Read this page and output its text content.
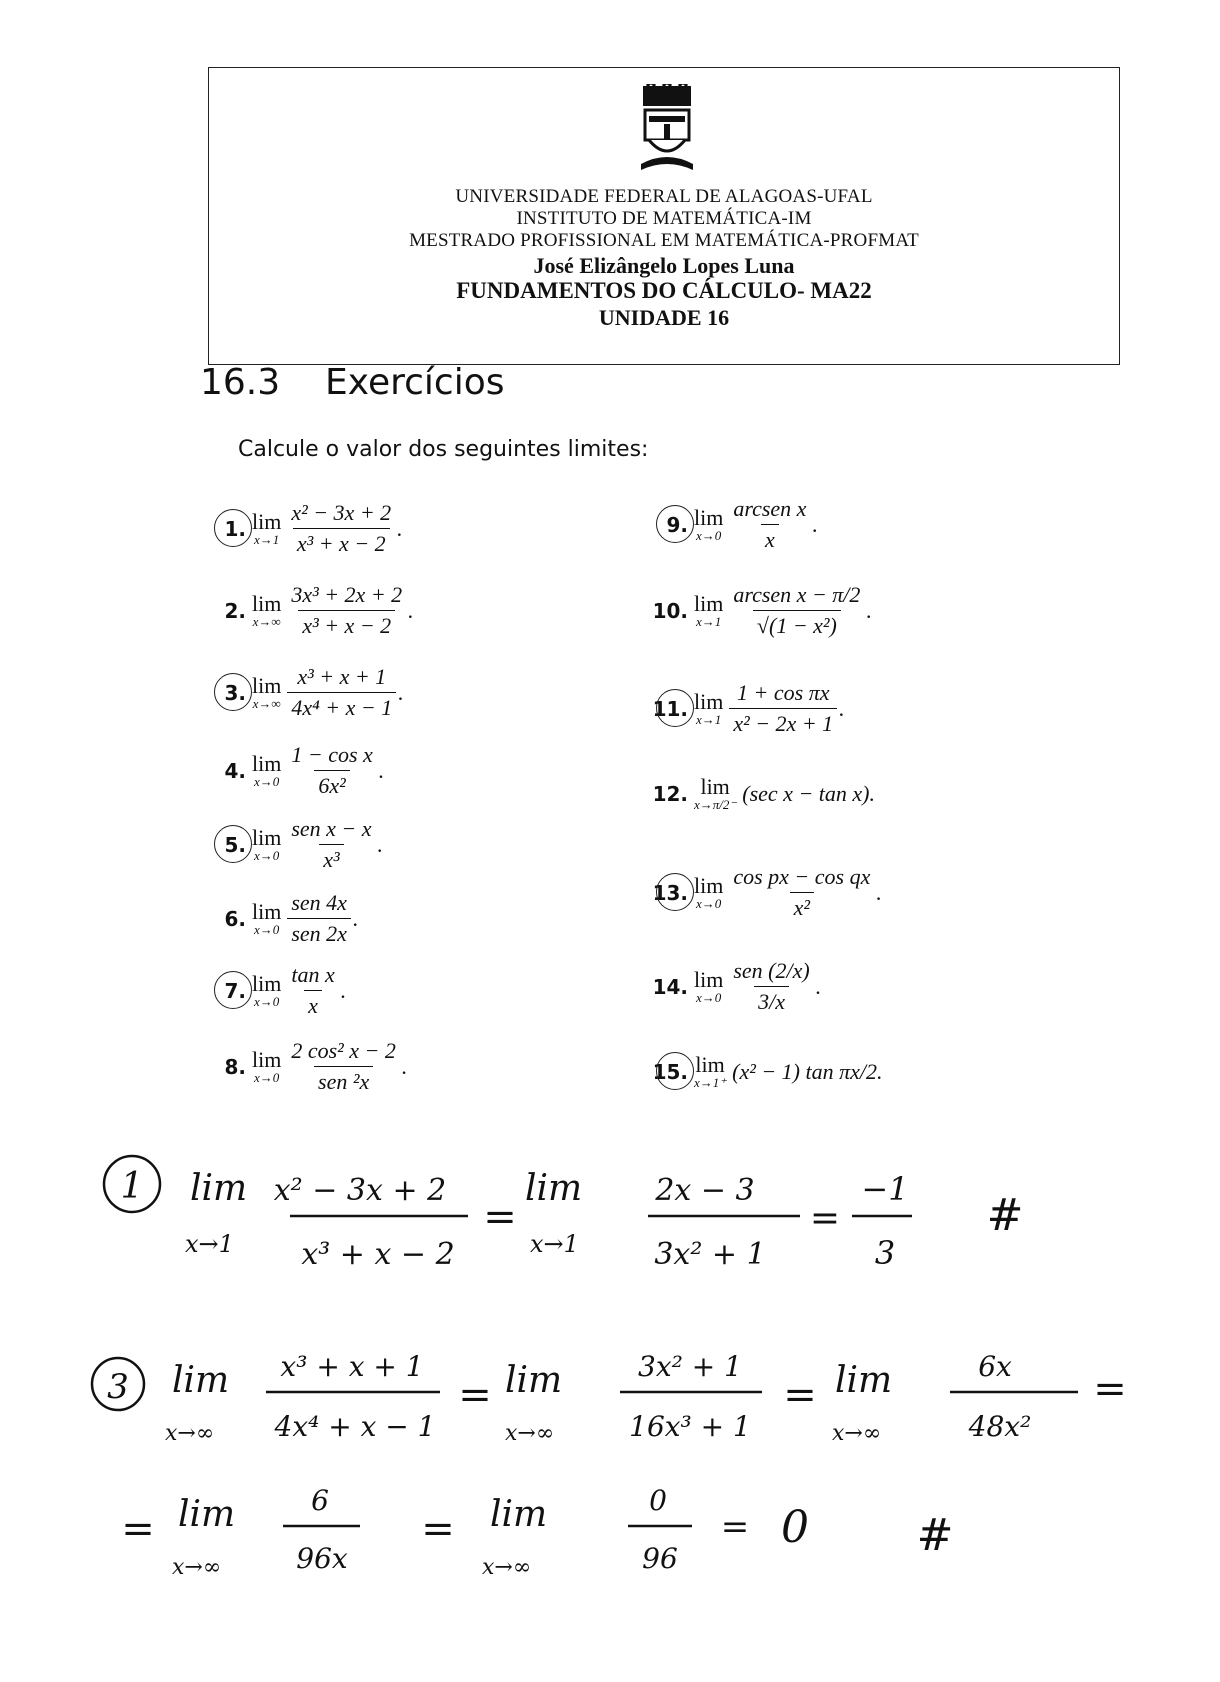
UNIVERSIDADE FEDERAL DE ALAGOAS-UFAL
INSTITUTO DE MATEMÁTICA-IM
MESTRADO PROFISSIONAL EM MATEMÁTICA-PROFMAT
José Elizângelo Lopes Luna
FUNDAMENTOS DO CÁLCULO- MA22
UNIDADE 16
16.3 Exercícios
Calcule o valor dos seguintes limites:
1. lim
$x\to 1 \frac{\text{x² − 3x + 2}}{\text{x³ + x − 2}}$ .
2. lim
$x\to\infty \frac{\text{3x³ + 2x + 2}}{\text{x³ + x − 2}}$ .
3. lim
$x\to\infty \frac{\text{x³ + x + 1}}{\text{4x⁴ + x − 1}}$ .
4. lim
$x\to 0 \frac{\text{1 − cos x}}{\text{6x²}}$ .
5. lim
$x\to 0 \frac{\text{sen x − x}}{\text{x³}}$ .
6. lim
$x\to 0 \frac{\text{sen 4x}}{\text{sen 2x}}$ .
7. lim
$x\to 0 \frac{\text{tan x}}{x}$ .
8. lim
$x\to 0 \frac{\text{2 cos² x − 2}}{\text{sen ²x}}$ .
9. lim
$x\to 0 \frac{\text{arcsen x}}{x}$ .
10. lim
$x\to 1 \frac{\text{arcsen x − π/2}}{\text{√(1 − x²)}}$ .
11. lim
$x\to 1 \frac{\text{1 + cos πx}}{\text{x² − 2x + 1}}$ .
12. lim
x→π/2⁻ (sec x − tan x).
13. lim
$x\to 0 \frac{\text{cos px − cos qx}}{\text{x²}}$ .
14. lim
$x\to 0 \frac{\text{sen (2/x)}}{3/x}$ .
15. lim
x→1⁺ (x² − 1) tan πx/2.
1 lim
x→1
x² − 3x + 2
x³ + x − 2
=
lim
x→1
2x − 3
3x² + 1
=
−1
3
#
3 lim
x→∞
x³ + x + 1
4x⁴ + x − 1
= lim
x→∞
3x² + 1
16x³ + 1
= lim
x→∞
6x
48x²
=
= lim
x→∞
6
96x
= lim
x→∞
0
96
= 0 #
